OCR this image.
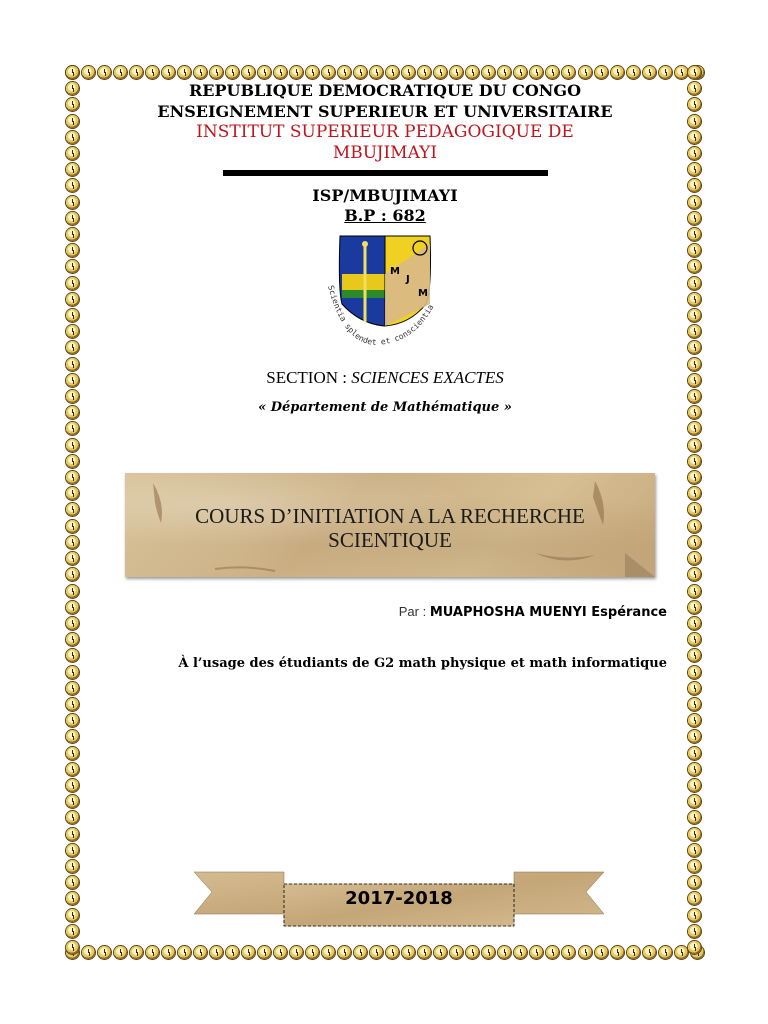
REPUBLIQUE DEMOCRATIQUE DU CONGO
ENSEIGNEMENT SUPERIEUR ET UNIVERSITAIRE
INSTITUT SUPERIEUR PEDAGOGIQUE DE
MBUJIMAYI
ISP/MBUJIMAYI
B.P : 682
M
J
M
Scientia splendet et conscientia
SECTION : SCIENCES EXACTES
« Département de Mathématique »
COURS D’INITIATION A LA RECHERCHE
SCIENTIQUE
Par : MUAPHOSHA MUENYI Espérance
À l’usage des étudiants de G2 math physique et math informatique
2017-2018
